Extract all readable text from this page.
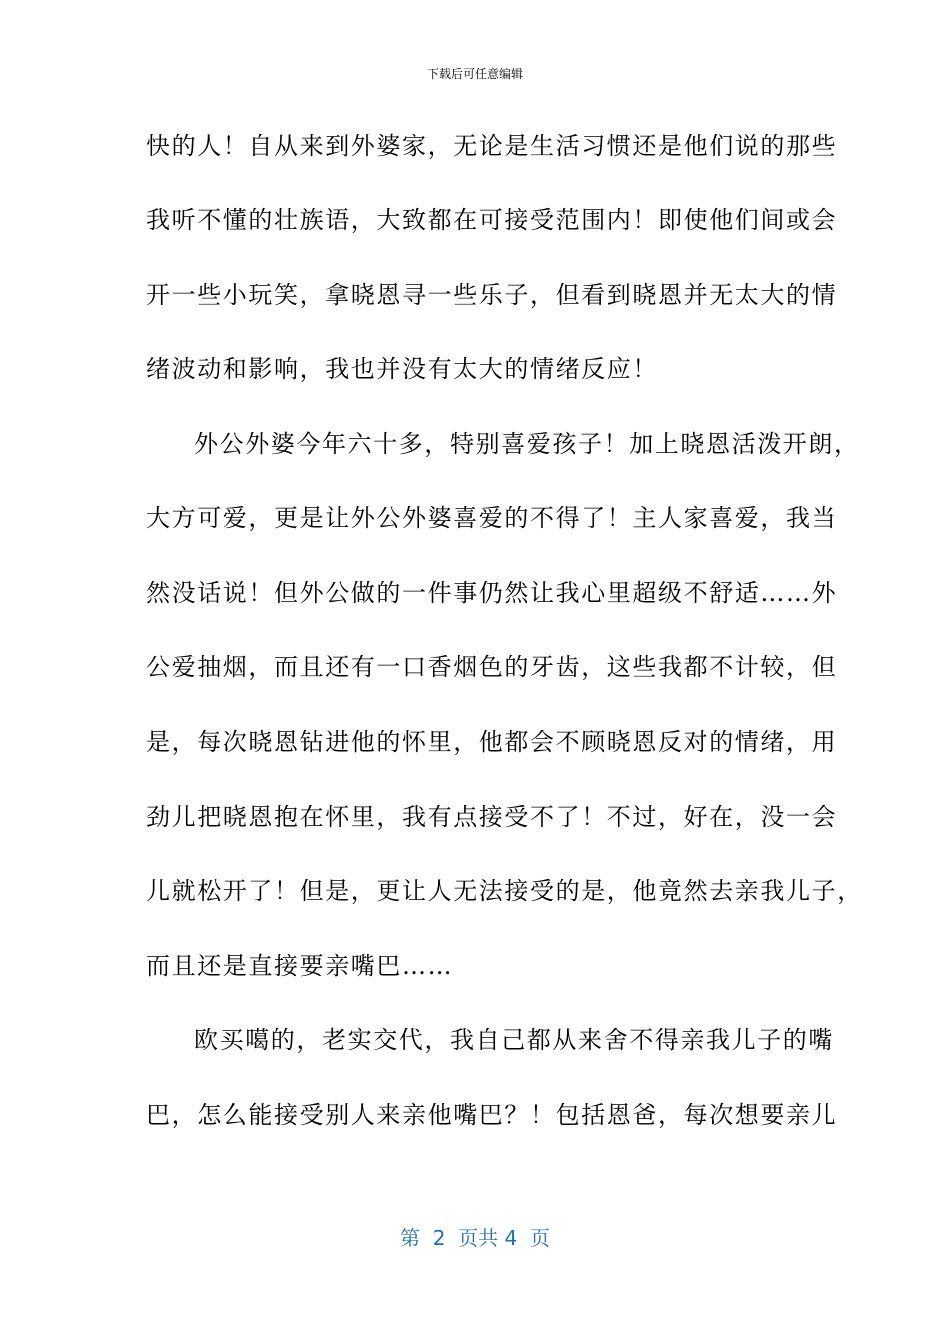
下载后可任意编辑
快的人！自从来到外婆家，无论是生活习惯还是他们说的那些
我听不懂的壮族语，大致都在可接受范围内！即使他们间或会
开一些小玩笑，拿晓恩寻一些乐子，但看到晓恩并无太大的情
绪波动和影响，我也并没有太大的情绪反应！
外公外婆今年六十多，特别喜爱孩子！加上晓恩活泼开朗，
大方可爱，更是让外公外婆喜爱的不得了！主人家喜爱，我当
然没话说！但外公做的一件事仍然让我心里超级不舒适……外
公爱抽烟，而且还有一口香烟色的牙齿，这些我都不计较，但
是，每次晓恩钻进他的怀里，他都会不顾晓恩反对的情绪，用
劲儿把晓恩抱在怀里，我有点接受不了！不过，好在，没一会
儿就松开了！但是，更让人无法接受的是，他竟然去亲我儿子，
而且还是直接要亲嘴巴……
欧买噶的，老实交代，我自己都从来舍不得亲我儿子的嘴
巴，怎么能接受别人来亲他嘴巴？！包括恩爸，每次想要亲儿
第  2  页共 4  页
